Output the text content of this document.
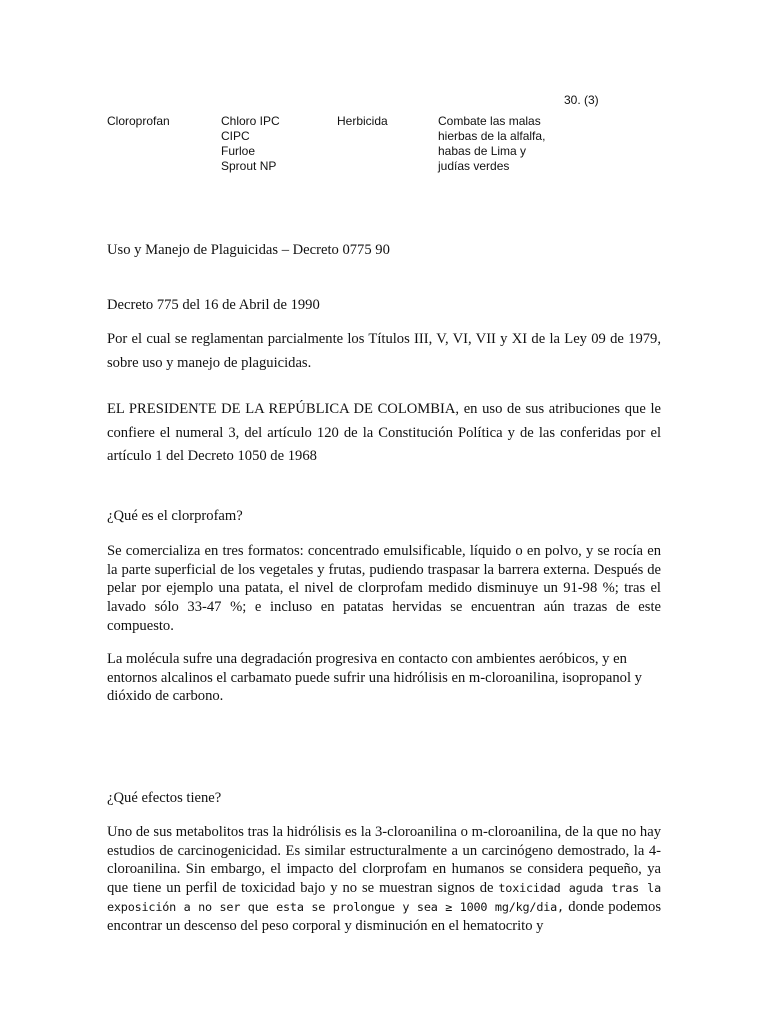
30. (3)
Cloroprofan	Chloro IPC
CIPC
Furloe
Sprout NP
Herbicida	Combate las malas
hierbas de la alfalfa,
habas de Lima y
judías verdes
Uso y Manejo de Plaguicidas – Decreto 0775 90
Decreto 775 del 16 de Abril de 1990
Por el cual se reglamentan parcialmente los Títulos III, V, VI, VII y XI de la Ley 09 de 1979, sobre uso y manejo de plaguicidas.
EL PRESIDENTE DE LA REPÚBLICA DE COLOMBIA, en uso de sus atribuciones que le confiere el numeral 3, del artículo 120 de la Constitución Política y de las conferidas por el artículo 1 del Decreto 1050 de 1968
¿Qué es el clorprofam?
Se comercializa en tres formatos: concentrado emulsificable, líquido o en polvo, y se rocía en la parte superficial de los vegetales y frutas, pudiendo traspasar la barrera externa. Después de pelar por ejemplo una patata, el nivel de clorprofam medido disminuye un 91-98 %; tras el lavado sólo 33-47 %; e incluso en patatas hervidas se encuentran aún trazas de este compuesto.
La molécula sufre una degradación progresiva en contacto con ambientes aeróbicos, y en entornos alcalinos el carbamato puede sufrir una hidrólisis en m-cloroanilina, isopropanol y dióxido de carbono.
¿Qué efectos tiene?
Uno de sus metabolitos tras la hidrólisis es la 3-cloroanilina o m-cloroanilina, de la que no hay estudios de carcinogenicidad. Es similar estructuralmente a un carcinógeno demostrado, la 4-cloroanilina. Sin embargo, el impacto del clorprofam en humanos se considera pequeño, ya que tiene un perfil de toxicidad bajo y no se muestran signos de toxicidad aguda tras la exposición a no ser que esta se prolongue y sea ≥ 1000 mg/kg/dia, donde podemos encontrar un descenso del peso corporal y disminución en el hematocrito y
